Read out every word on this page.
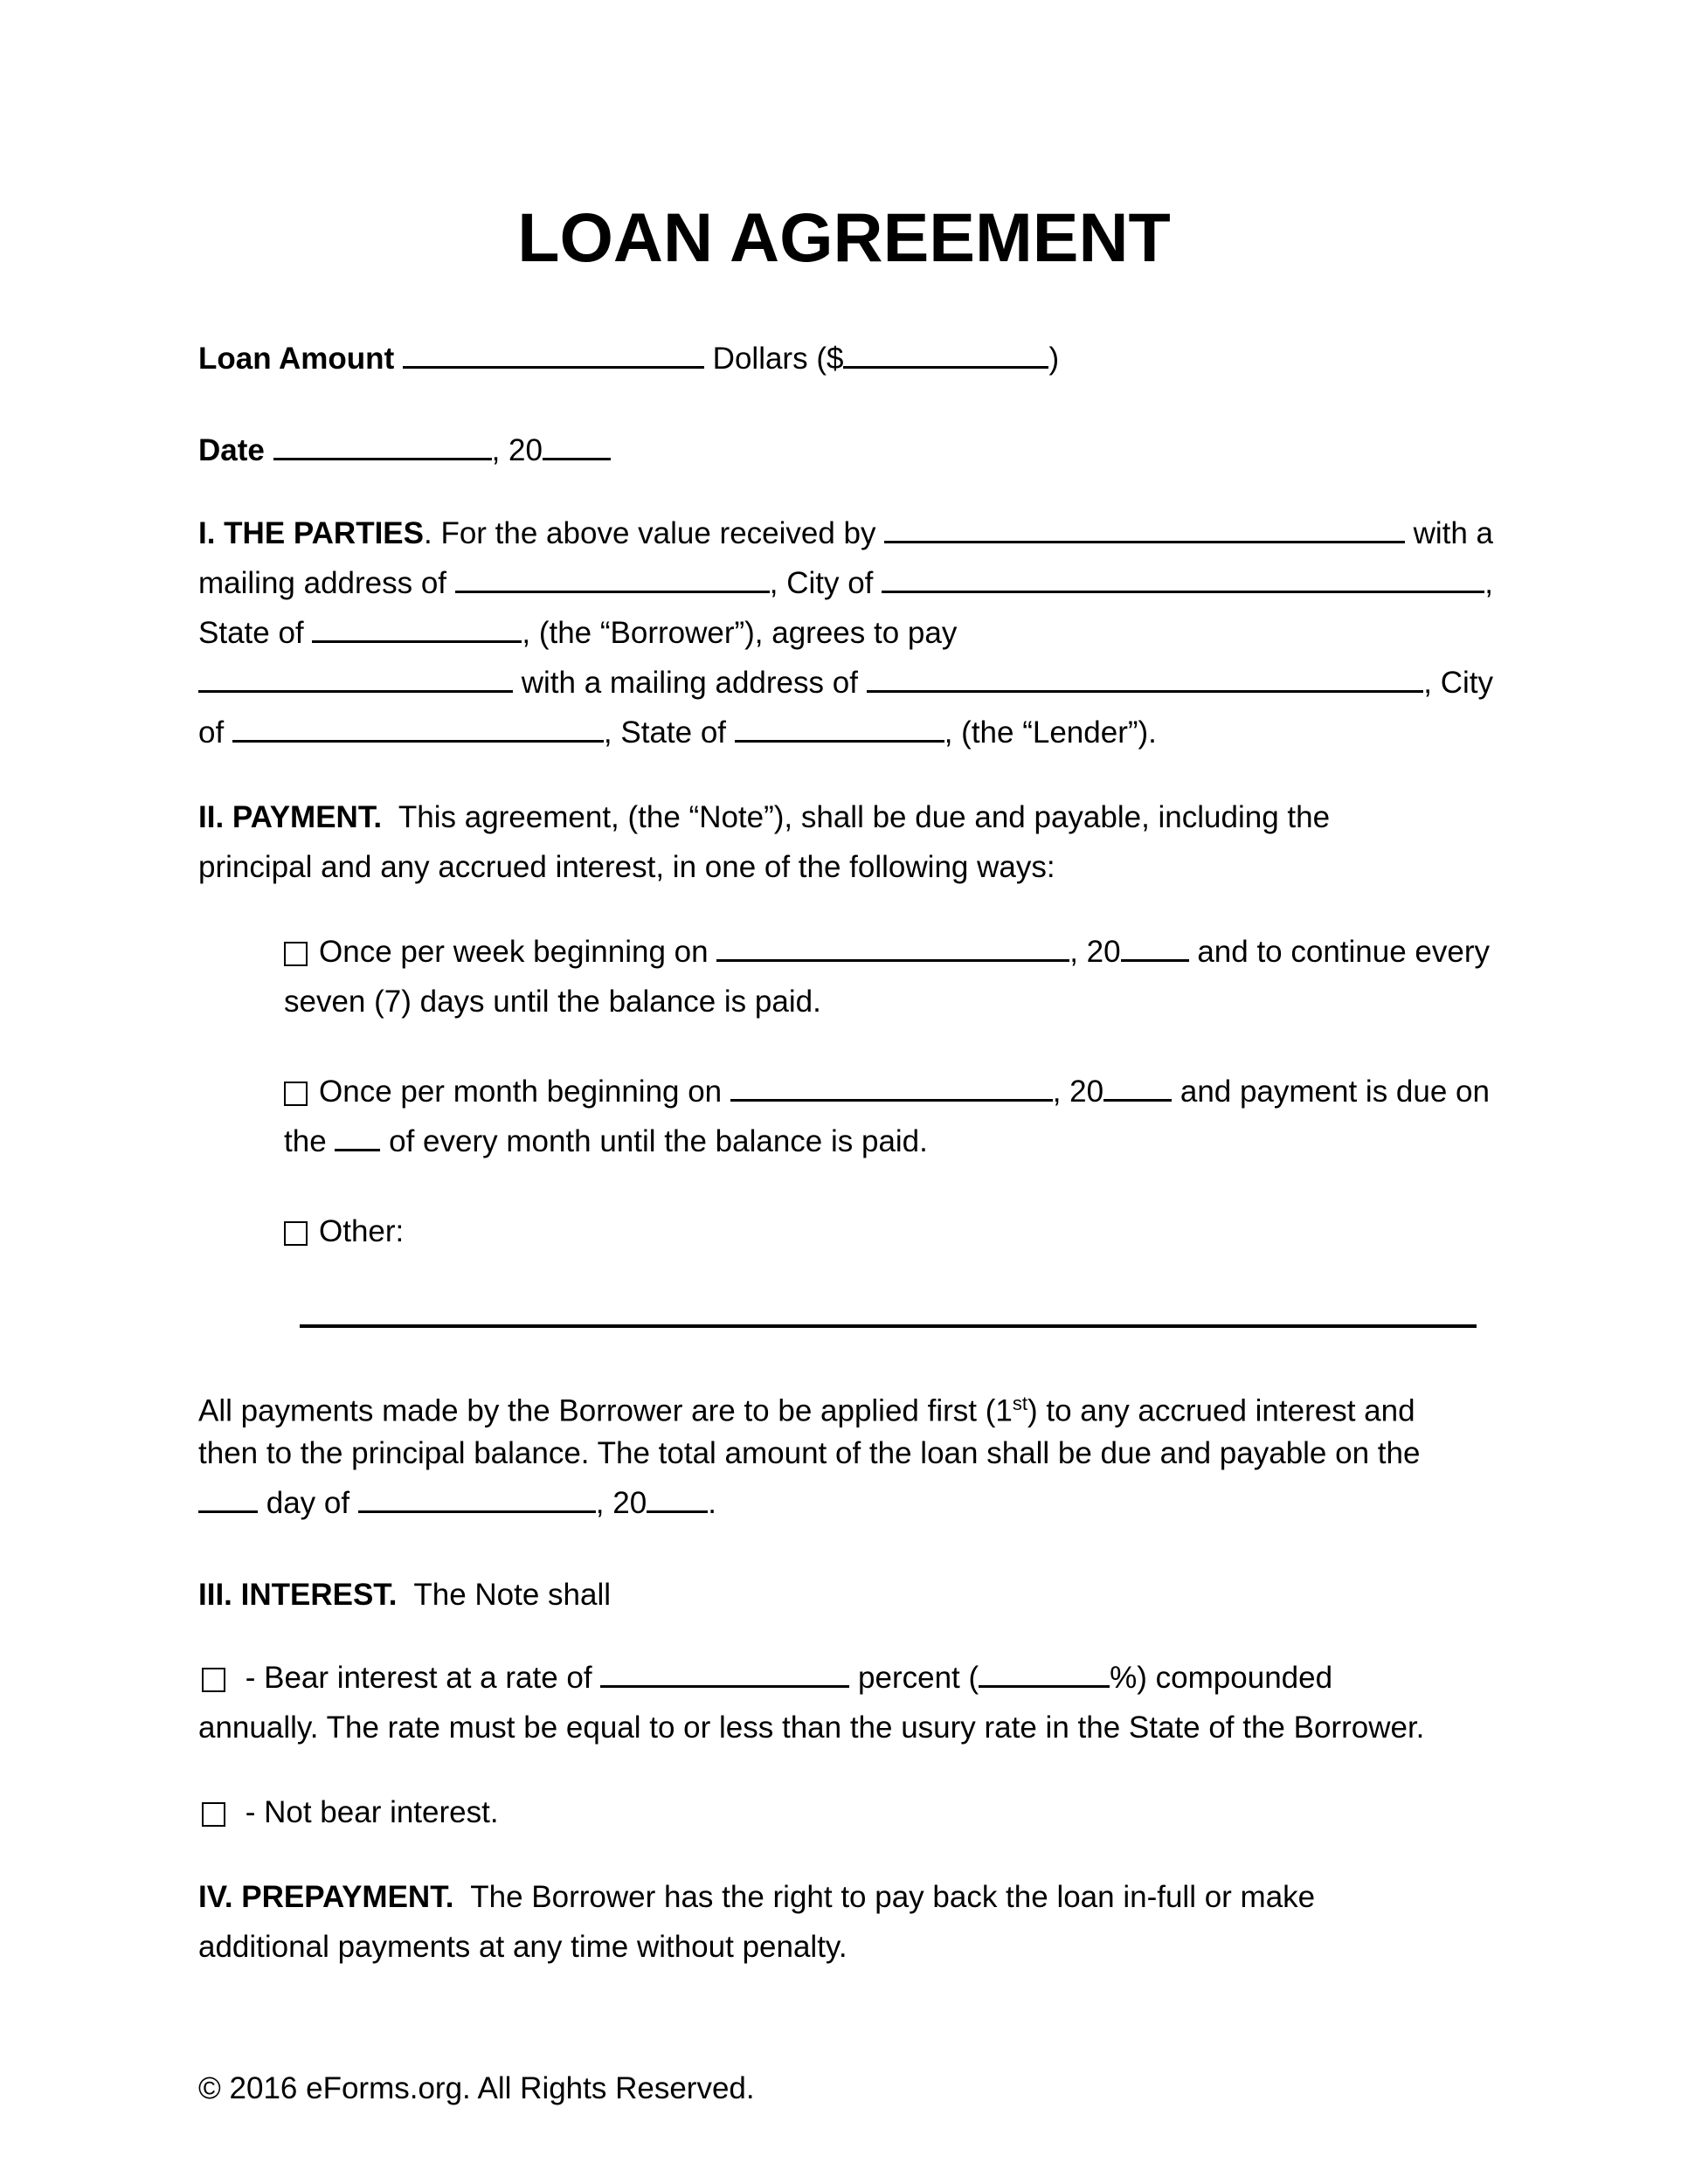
LOAN AGREEMENT
Loan Amount	Dollars ($	)
Date	, 20
I. THE PARTIES . For the above value received by	with a
mailing address of	, City of	,
State of	, (the “Borrower”), agrees to pay
with a mailing address of	, City
of	, State of	, (the “Lender”).
II. PAYMENT.  This agreement, (the “Note”), shall be due and payable, including the
principal and any accrued interest, in one of the following ways:
Once per week beginning on	, 20 and to continue every
seven (7) days until the balance is paid.
Once per month beginning on	, 20 and payment is due on
the of every month until the balance is paid.
Other:
All payments made by the Borrower are to be applied first (1st) to any accrued interest and
then to the principal balance. The total amount of the loan shall be due and payable on the
day of	, 20 .
III. INTEREST.  The Note shall
- Bear interest at a rate of	percent (	%) compounded
annually. The rate must be equal to or less than the usury rate in the State of the Borrower.
- Not bear interest.
IV. PREPAYMENT.  The Borrower has the right to pay back the loan in-full or make
additional payments at any time without penalty.
© 2016 eForms.org. All Rights Reserved.
